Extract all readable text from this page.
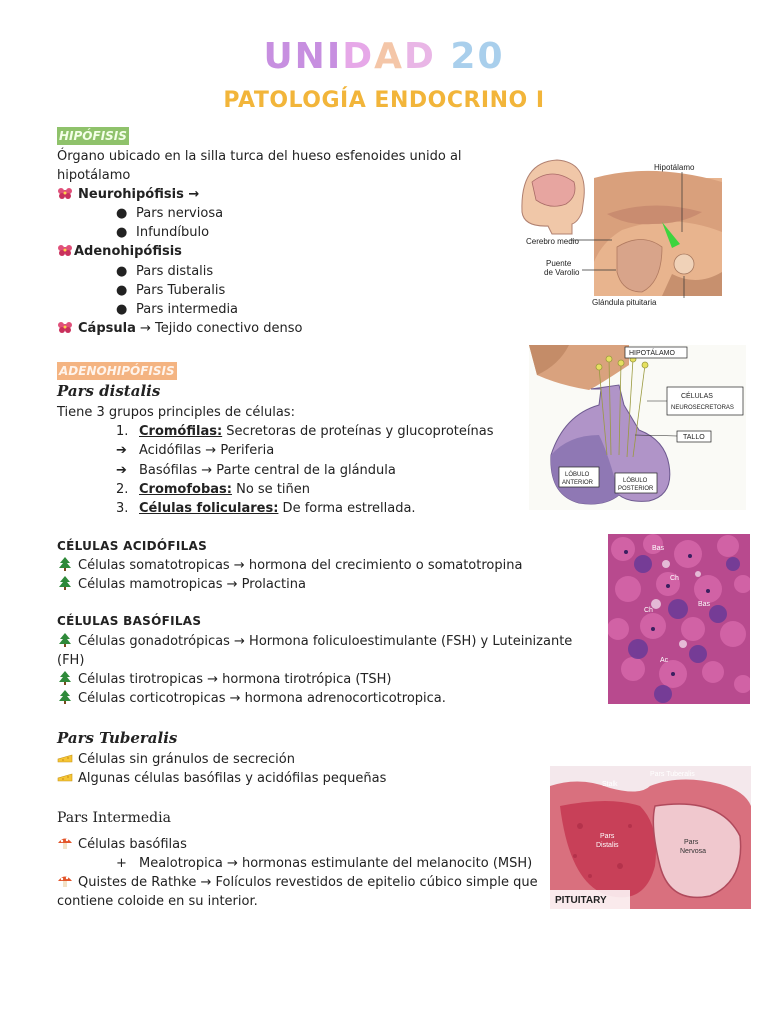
UNIDAD 20
PATOLOGÍA ENDOCRINO I
HIPÓFISIS
Órgano ubicado en la silla turca del hueso esfenoides unido al
hipotálamo
Neurohipófisis →
● Pars nerviosa
● Infundíbulo
Adenohipófisis
● Pars distalis
● Pars Tuberalis
● Pars intermedia
Cápsula → Tejido conectivo denso
Hipotálamo
Cerebro medio
Puente
de Varolio
Glándula pituitaria
ADENOHIPÓFISIS
Pars distalis
Tiene 3 grupos principles de células:
1. Cromófilas: Secretoras de proteínas y glucoproteínas
➔ Acidófilas → Periferia
➔ Basófilas → Parte central de la glándula
2. Cromofobas: No se tiñen
3. Células foliculares: De forma estrellada.
HIPOTÁLAMO
CÉLULAS
NEUROSECRETORAS
TALLO
LÓBULO
ANTERIOR	LÓBULO
POSTERIOR
CÉLULAS ACIDÓFILAS
Células somatotropicas → hormona del crecimiento o somatotropina
Células mamotropicas → Prolactina
Bas
Ch
Ch
Bas
Ac
CÉLULAS BASÓFILAS
Células gonadotrópicas → Hormona foliculoestimulante (FSH) y Luteinizante
(FH)
Células tirotropicas → hormona tirotrópica (TSH)
Células corticotropicas → hormona adrenocorticotropica.
Pars Tuberalis
Células sin gránulos de secreción
Algunas células basófilas y acidófilas pequeñas	Pars Tuberalis
Stalk
Pars
Distalis	Pars
Nervosa
PITUITARY
Pars Intermedia
Células basófilas
+ Mealotropica → hormonas estimulante del melanocito (MSH)
Quistes de Rathke → Folículos revestidos de epitelio cúbico simple que
contiene coloide en su interior.
